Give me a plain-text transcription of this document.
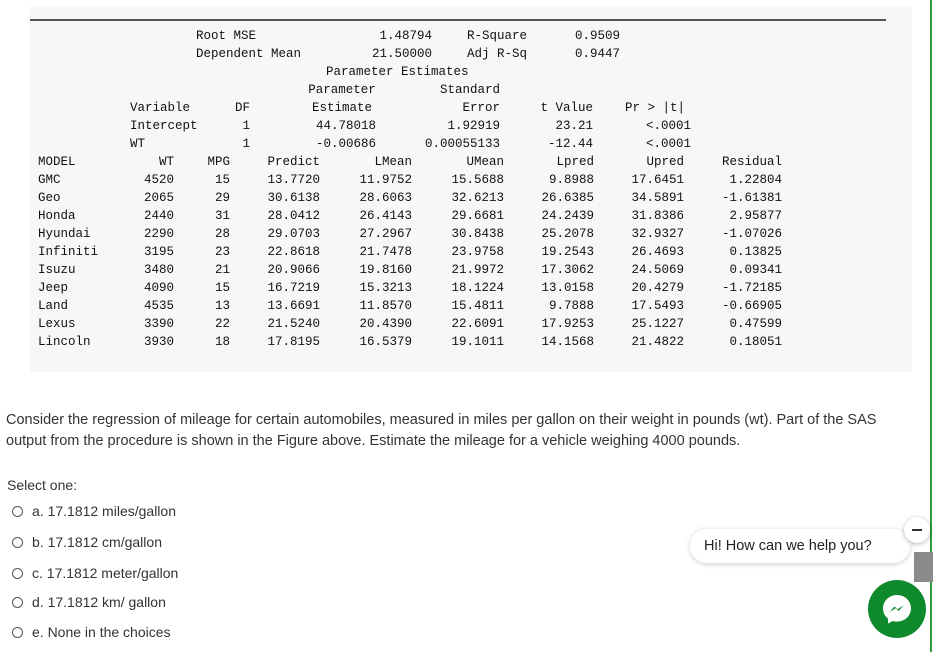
Root MSE	1.48794	R-Square	0.9509
Dependent Mean	21.50000	Adj R-Sq	0.9447
Parameter Estimates
Parameter	Standard
Variable	DF	Estimate	Error	t Value	Pr > |t|
Intercept	1	44.78018	1.92919	23.21	<.0001
WT	1	-0.00686	0.00055133	-12.44	<.0001
MODEL	WT	MPG	Predict	LMean	UMean	Lpred	Upred	Residual
GMC	4520	15	13.7720	11.9752	15.5688	9.8988	17.6451	1.22804
Geo	2065	29	30.6138	28.6063	32.6213	26.6385	34.5891	-1.61381
Honda	2440	31	28.0412	26.4143	29.6681	24.2439	31.8386	2.95877
Hyundai	2290	28	29.0703	27.2967	30.8438	25.2078	32.9327	-1.07026
Infiniti	3195	23	22.8618	21.7478	23.9758	19.2543	26.4693	0.13825
Isuzu	3480	21	20.9066	19.8160	21.9972	17.3062	24.5069	0.09341
Jeep	4090	15	16.7219	15.3213	18.1224	13.0158	20.4279	-1.72185
Land	4535	13	13.6691	11.8570	15.4811	9.7888	17.5493	-0.66905
Lexus	3390	22	21.5240	20.4390	22.6091	17.9253	25.1227	0.47599
Lincoln	3930	18	17.8195	16.5379	19.1011	14.1568	21.4822	0.18051
Consider the regression of mileage for certain automobiles, measured in miles per gallon on their weight in pounds (wt). Part of the SAS output from the procedure is shown in the Figure above. Estimate the mileage for a vehicle weighing 4000 pounds.
Select one:
a. 17.1812 miles/gallon
b. 17.1812 cm/gallon
c. 17.1812 meter/gallon
d. 17.1812 km/ gallon
e. None in the choices
Hi! How can we help you?
